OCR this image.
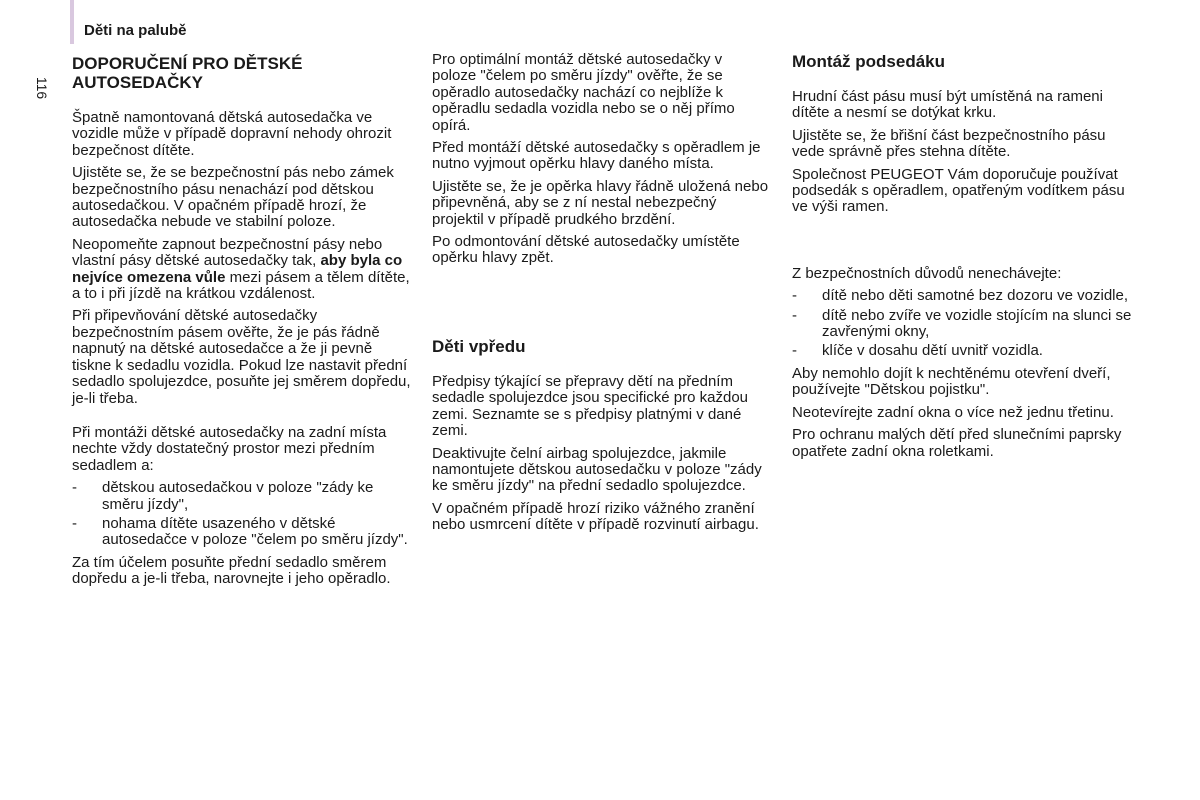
Děti na palubě
116

DOPORUČENÍ PRO DĚTSKÉ AUTOSEDAČKY

Špatně namontovaná dětská autosedačka ve vozidle může v případě dopravní nehody ohrozit bezpečnost dítěte.

Ujistěte se, že se bezpečnostní pás nebo zámek bezpečnostního pásu nenachází pod dětskou autosedačkou. V opačném případě hrozí, že autosedačka nebude ve stabilní poloze.

Neopomeňte zapnout bezpečnostní pásy nebo vlastní pásy dětské autosedačky tak, aby byla co nejvíce omezena vůle mezi pásem a tělem dítěte, a to i při jízdě na krátkou vzdálenost.

Při připevňování dětské autosedačky bezpečnostním pásem ověřte, že je pás řádně napnutý na dětské autosedačce a že ji pevně tiskne k sedadlu vozidla. Pokud lze nastavit přední sedadlo spolujezdce, posuňte jej směrem dopředu, je-li třeba.

Při montáži dětské autosedačky na zadní místa nechte vždy dostatečný prostor mezi předním sedadlem a:

- dětskou autosedačkou v poloze "zády ke směru jízdy",
- nohama dítěte usazeného v dětské autosedačce v poloze "čelem po směru jízdy".

Za tím účelem posuňte přední sedadlo směrem dopředu a je-li třeba, narovnejte i jeho opěradlo.

Pro optimální montáž dětské autosedačky v poloze "čelem po směru jízdy" ověřte, že se opěradlo autosedačky nachází co nejblíže k opěradlu sedadla vozidla nebo se o něj přímo opírá.

Před montáží dětské autosedačky s opěradlem je nutno vyjmout opěrku hlavy daného místa.

Ujistěte se, že je opěrka hlavy řádně uložená nebo připevněná, aby se z ní nestal nebezpečný projektil v případě prudkého brzdění.

Po odmontování dětské autosedačky umístěte opěrku hlavy zpět.

Děti vpředu

Předpisy týkající se přepravy dětí na předním sedadle spolujezdce jsou specifické pro každou zemi. Seznamte se s předpisy platnými v dané zemi.

Deaktivujte čelní airbag spolujezdce, jakmile namontujete dětskou autosedačku v poloze "zády ke směru jízdy" na přední sedadlo spolujezdce.

V opačném případě hrozí riziko vážného zranění nebo usmrcení dítěte v případě rozvinutí airbagu.

Montáž podsedáku

Hrudní část pásu musí být umístěná na rameni dítěte a nesmí se dotýkat krku.

Ujistěte se, že břišní část bezpečnostního pásu vede správně přes stehna dítěte.

Společnost PEUGEOT Vám doporučuje používat podsedák s opěradlem, opatřeným vodítkem pásu ve výši ramen.

Z bezpečnostních důvodů nenechávejte:

- dítě nebo děti samotné bez dozoru ve vozidle,
- dítě nebo zvíře ve vozidle stojícím na slunci se zavřenými okny,
- klíče v dosahu dětí uvnitř vozidla.

Aby nemohlo dojít k nechtěnému otevření dveří, používejte "Dětskou pojistku".

Neotevírejte zadní okna o více než jednu třetinu.

Pro ochranu malých dětí před slunečními paprsky opatřete zadní okna roletkami.
